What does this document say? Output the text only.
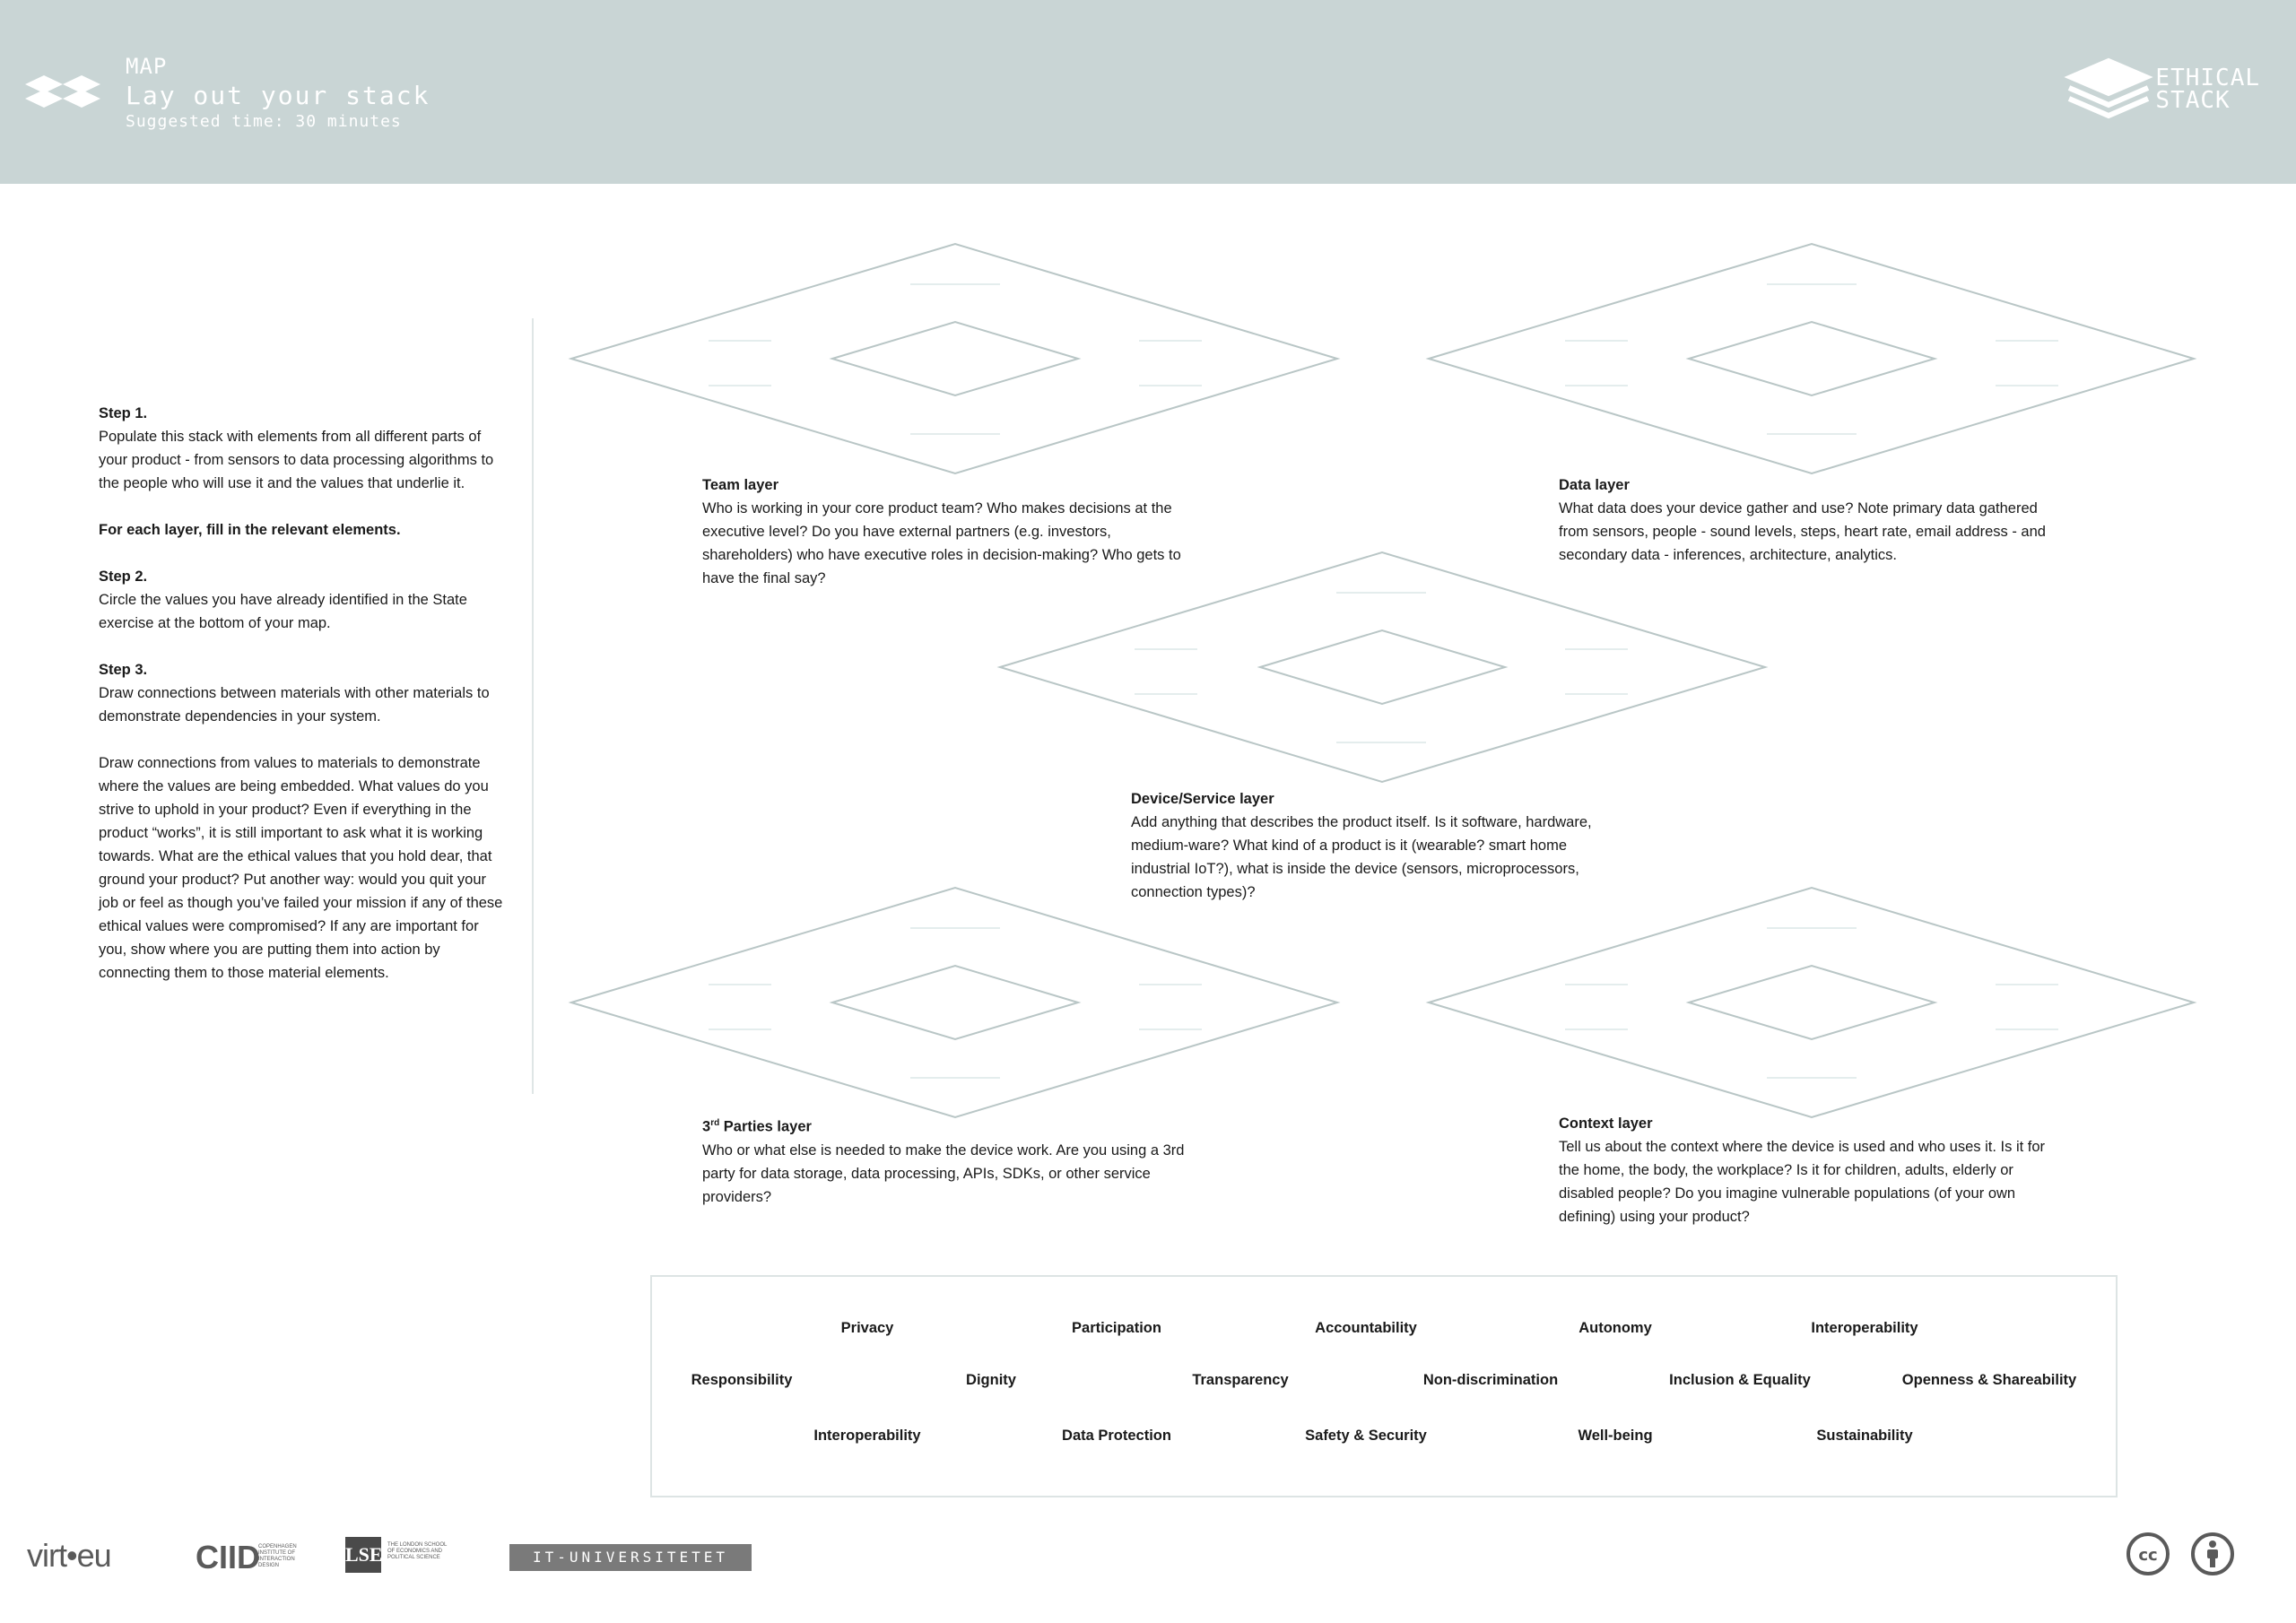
MAP
Lay out your stack
Suggested time: 30 minutes
ETHICAL
STACK

Step 1.
Populate this stack with elements from all different parts of your product - from sensors to data processing algorithms to the people who will use it and the values that underlie it.

For each layer, fill in the relevant elements.

Step 2.
Circle the values you have already identified in the State exercise at the bottom of your map.

Step 3.
Draw connections between materials with other materials to demonstrate dependencies in your system.

Draw connections from values to materials to demonstrate where the values are being embedded. What values do you strive to uphold in your product? Even if everything in the product “works”, it is still important to ask what it is working towards. What are the ethical values that you hold dear, that ground your product? Put another way: would you quit your job or feel as though you’ve failed your mission if any of these ethical values were compromised? If any are important for you, show where you are putting them into action by connecting them to those material elements.

Team layer
Who is working in your core product team? Who makes decisions at the executive level? Do you have external partners (e.g. investors, shareholders) who have executive roles in decision-making? Who gets to have the final say?
Data layer
What data does your device gather and use? Note primary data gathered from sensors, people - sound levels, steps, heart rate, email address - and secondary data - inferences, architecture, analytics.
Device/Service layer
Add anything that describes the product itself. Is it software, hardware, medium-ware? What kind of a product is it (wearable? smart home industrial IoT?), what is inside the device (sensors, microprocessors, connection types)?
3rd Parties layer
Who or what else is needed to make the device work. Are you using a 3rd party for data storage, data processing, APIs, SDKs, or other service providers?
Context layer
Tell us about the context where the device is used and who uses it. Is it for the home, the body, the workplace? Is it for children, adults, elderly or disabled people? Do you imagine vulnerable populations (of your own defining) using your product?
Privacy	Participation	Accountability	Autonomy	Interoperability
Responsibility	Dignity	Transparency	Non-discrimination	Inclusion & Equality	Openness & Shareability
Interoperability	Data Protection	Safety & Security	Well-being	Sustainability
virt•eu	CIID
COPENHAGEN INSTITUTE OF INTERACTION DESIGN	LSE THE LONDON SCHOOL OF ECONOMICS AND POLITICAL SCIENCE	IT-UNIVERSITETET KØBENHAVN
cc
